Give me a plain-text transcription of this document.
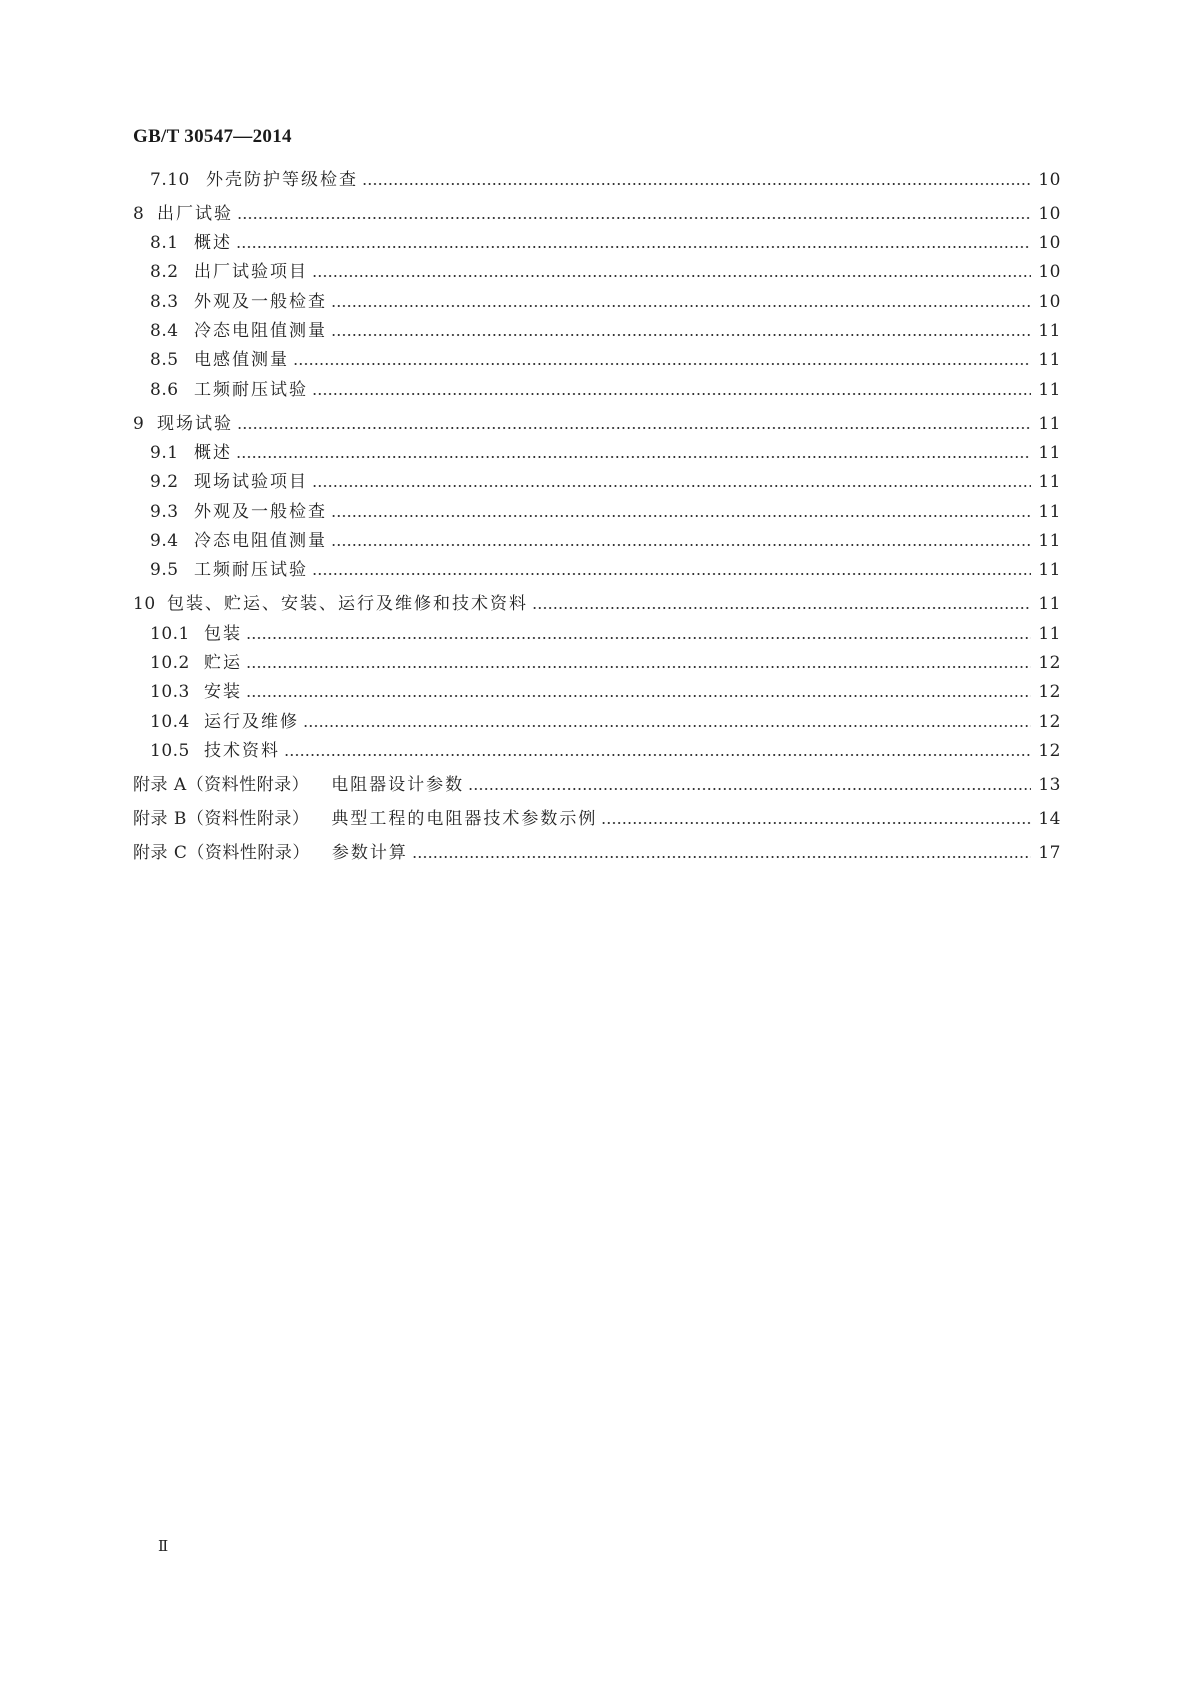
GB/T 30547—2014
7.10 外壳防护等级检查	10
8 出厂试验	10
8.1 概述	10
8.2 出厂试验项目	10
8.3 外观及一般检查	10
8.4 冷态电阻值测量	11
8.5 电感值测量	11
8.6 工频耐压试验	11
9 现场试验	11
9.1 概述	11
9.2 现场试验项目	11
9.3 外观及一般检查	11
9.4 冷态电阻值测量	11
9.5 工频耐压试验	11
10 包装、贮运、安装、运行及维修和技术资料	11
10.1 包装	11
10.2 贮运	12
10.3 安装	12
10.4 运行及维修	12
10.5 技术资料	12
附录 A（资料性附录） 电阻器设计参数	13
附录 B（资料性附录） 典型工程的电阻器技术参数示例	14
附录 C（资料性附录） 参数计算	17
Ⅱ
